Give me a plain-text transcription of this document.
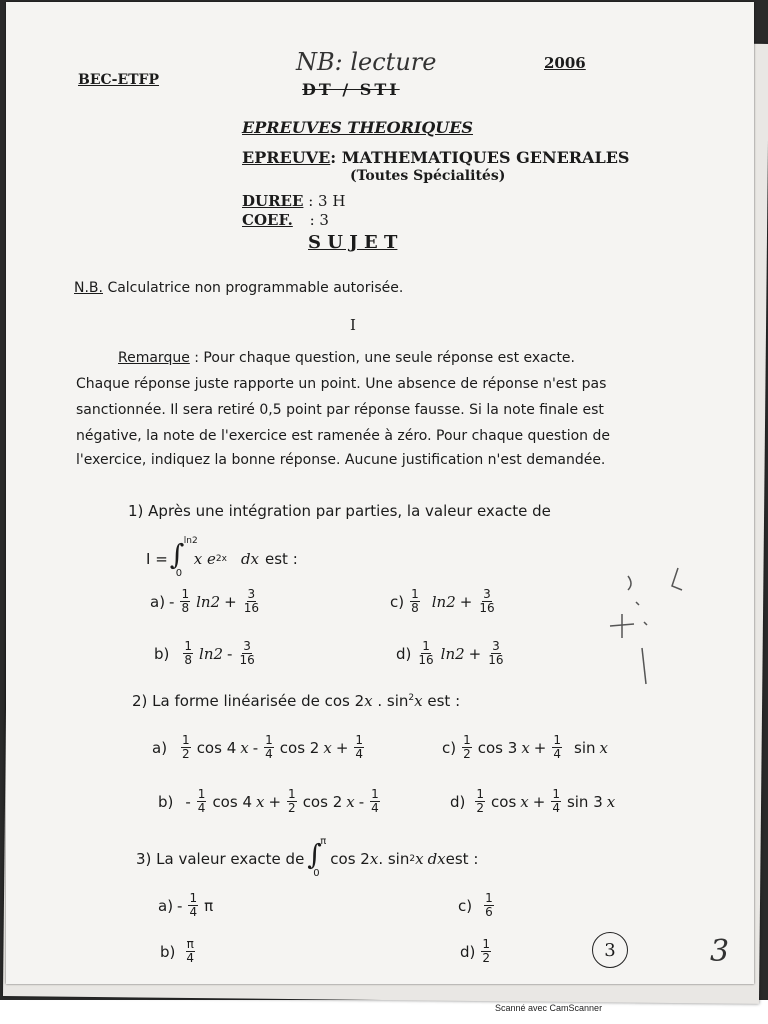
BEC-ETFP
2006
NB: lecture
DT / STI
EPREUVES THEORIQUES
EPREUVE: MATHEMATIQUES GENERALES
(Toutes Spécialités)
DUREE : 3 H
COEF. : 3
S U J E T
N.B. Calculatrice non programmable autorisée.
I
Remarque : Pour chaque question, une seule réponse est exacte.
Chaque réponse juste rapporte un point. Une absence de réponse n'est pas
sanctionnée. Il sera retiré 0,5 point par réponse fausse. Si la note finale est
négative, la note de l'exercice est ramenée à zéro. Pour chaque question de
l'exercice, indiquez la bonne réponse. Aucune justification n'est demandée.
1) Après une intégration par parties, la valeur exacte de
I = ∫ ln2
0
x e 2x dx est :
$a) - \frac{1}{8} \ln 2 + \frac{3}{16}$	$c) \frac{1}{8} \ln 2 + \frac{3}{16}$
$b) \frac{1}{8} \ln 2 - \frac{3}{16}$	$d) \frac{1}{16} \ln 2 + \frac{3}{16}$
2) La forme linéarisée de cos 2x . $\sin^2x$ est :
$a) \frac{1}{2}$ cos 4 x - $\frac{1}{4}$ cos 2 $x + \frac{1}{4}$	$c) \frac{1}{2}$ cos 3 $x + \frac{1}{4}$ sin x
$b) - \frac{1}{4}$ cos 4 $x + \frac{1}{2}$ cos 2 x - $\frac{1}{4}$	$d) \frac{1}{2}$ $\cos x + \frac{1}{4}$ sin 3 x
3) La valeur exacte de ∫
π
0
cos 2 x . sin 2 x dx est :
$a) - \frac{1}{4}$ π	$c) \frac{1}{6}$
$b) \frac{\pi}{4}$	$d) \frac{1}{2}$	3	3
Scanné avec CamScanner
